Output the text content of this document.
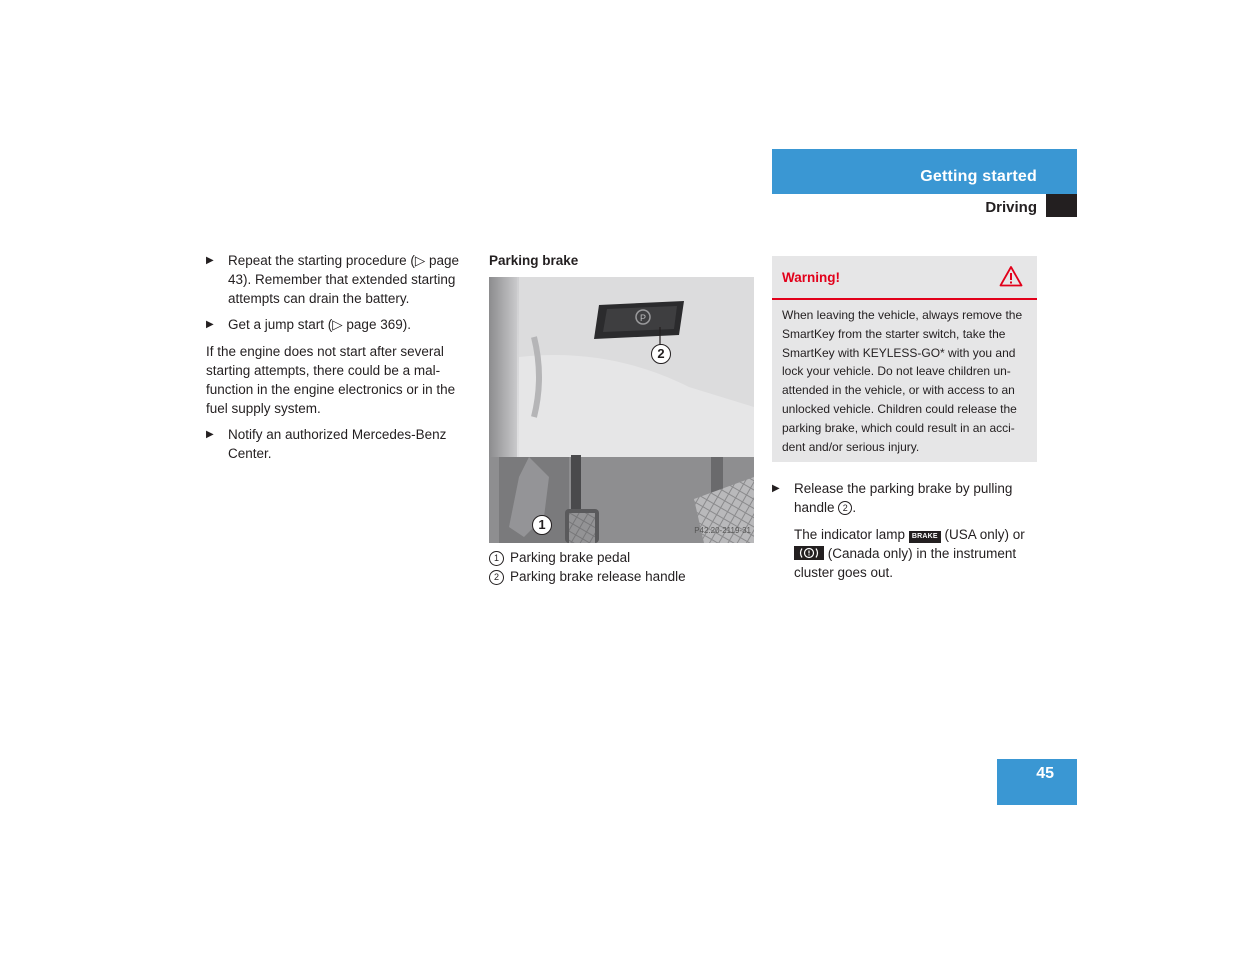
Getting started
Driving
▶	Repeat the starting procedure (▷ page 43). Remember that extended starting attempts can drain the battery.
▶	Get a jump start (▷ page 369).

If the engine does not start after several starting attempts, there could be a mal-function in the engine electronics or in the fuel supply system.

▶	Notify an authorized Mercedes-Benz Center.
Parking brake
P
2
1	P42.20-2119-31
1 Parking brake pedal
2 Parking brake release handle
Warning!
When leaving the vehicle, always remove the SmartKey from the starter switch, take the SmartKey with KEYLESS-GO* with you and lock your vehicle. Do not leave children un-attended in the vehicle, or with access to an unlocked vehicle. Children could release the parking brake, which could result in an acci-dent and/or serious injury.
▶	Release the parking brake by pulling handle 2 .
The indicator lamp BRAKE (USA only) or
(Canada only) in the instrument cluster goes out.
45
